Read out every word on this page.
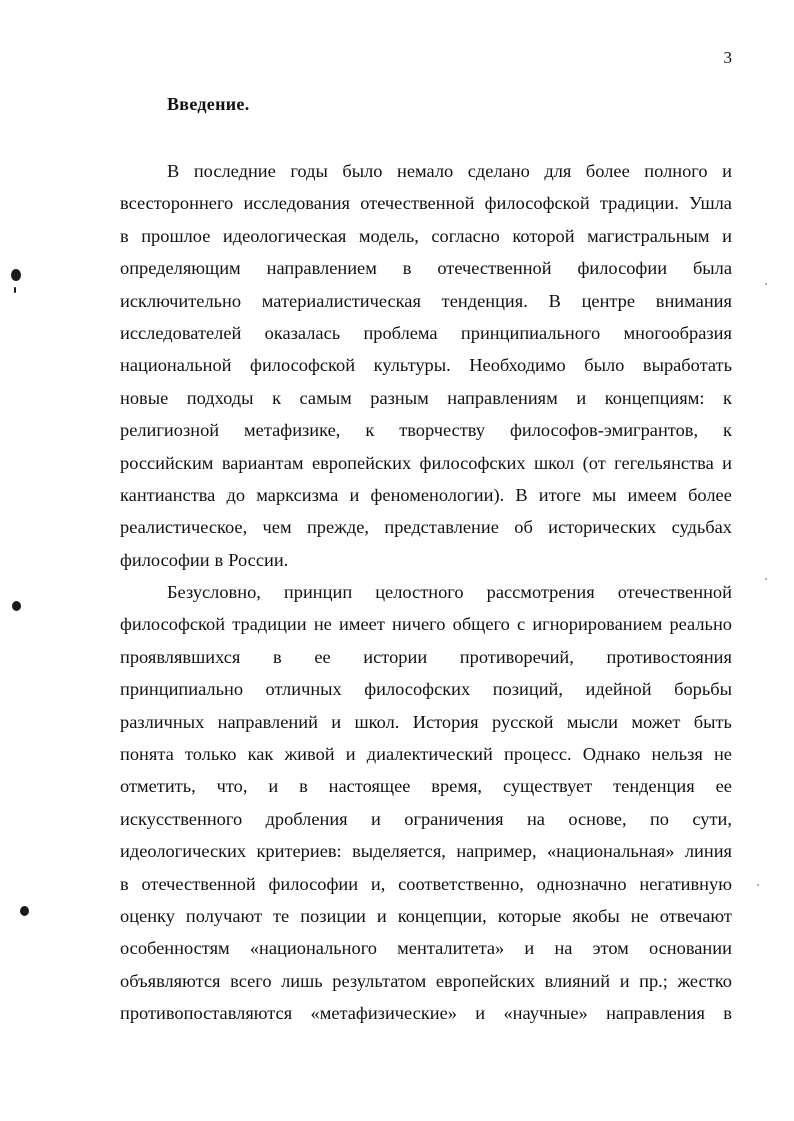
3
Введение.
В последние годы было немало сделано для более полного и
всестороннего исследования отечественной философской традиции. Ушла
в прошлое идеологическая модель, согласно которой магистральным и
определяющим направлением в отечественной философии была
исключительно материалистическая тенденция. В центре внимания
исследователей оказалась проблема принципиального многообразия
национальной философской культуры. Необходимо было выработать
новые подходы к самым разным направлениям и концепциям: к
религиозной метафизике, к творчеству философов-эмигрантов, к
российским вариантам европейских философских школ (от гегельянства и
кантианства до марксизма и феноменологии). В итоге мы имеем более
реалистическое, чем прежде, представление об исторических судьбах
философии в России.
Безусловно, принцип целостного рассмотрения отечественной
философской традиции не имеет ничего общего с игнорированием реально
проявлявшихся в ее истории противоречий, противостояния
принципиально отличных философских позиций, идейной борьбы
различных направлений и школ. История русской мысли может быть
понята только как живой и диалектический процесс. Однако нельзя не
отметить, что, и в настоящее время, существует тенденция ее
искусственного дробления и ограничения на основе, по сути,
идеологических критериев: выделяется, например, «национальная» линия
в отечественной философии и, соответственно, однозначно негативную
оценку получают те позиции и концепции, которые якобы не отвечают
особенностям «национального менталитета» и на этом основании
объявляются всего лишь результатом европейских влияний и пр.; жестко
противопоставляются «метафизические» и «научные» направления в
